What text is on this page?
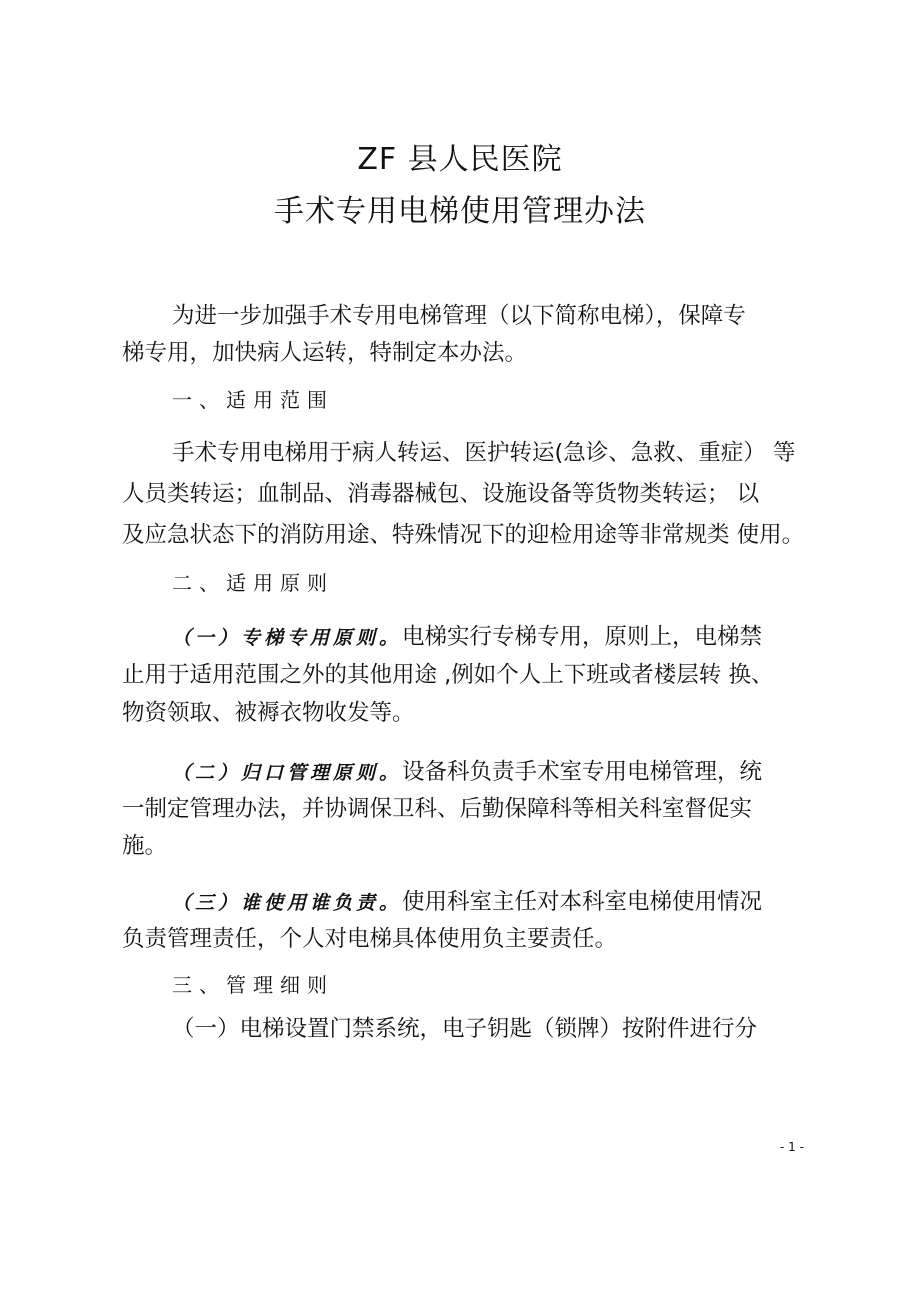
ZF 县人民医院
手术专用电梯使用管理办法
为进一步加强手术专用电梯管理（以下简称电梯），保障专
梯专用，加快病人运转，特制定本办法。
一、适用范围
手术专用电梯用于病人转运、医护转运(急诊、急救、重症） 等
人员类转运；血制品、消毒器械包、设施设备等货物类转运； 以
及应急状态下的消防用途、特殊情况下的迎检用途等非常规类 使用。
二、适用原则
（一）专梯专用原则。电梯实行专梯专用，原则上，电梯禁
止用于适用范围之外的其他用途 ,例如个人上下班或者楼层转 换、
物资领取、被褥衣物收发等。
（二）归口管理原则。设备科负责手术室专用电梯管理，统
一制定管理办法，并协调保卫科、后勤保障科等相关科室督促实
施。
（三）谁使用谁负责。使用科室主任对本科室电梯使用情况
负责管理责任，个人对电梯具体使用负主要责任。
三、管理细则
（一）电梯设置门禁系统，电子钥匙（锁牌）按附件进行分
- 1 -
